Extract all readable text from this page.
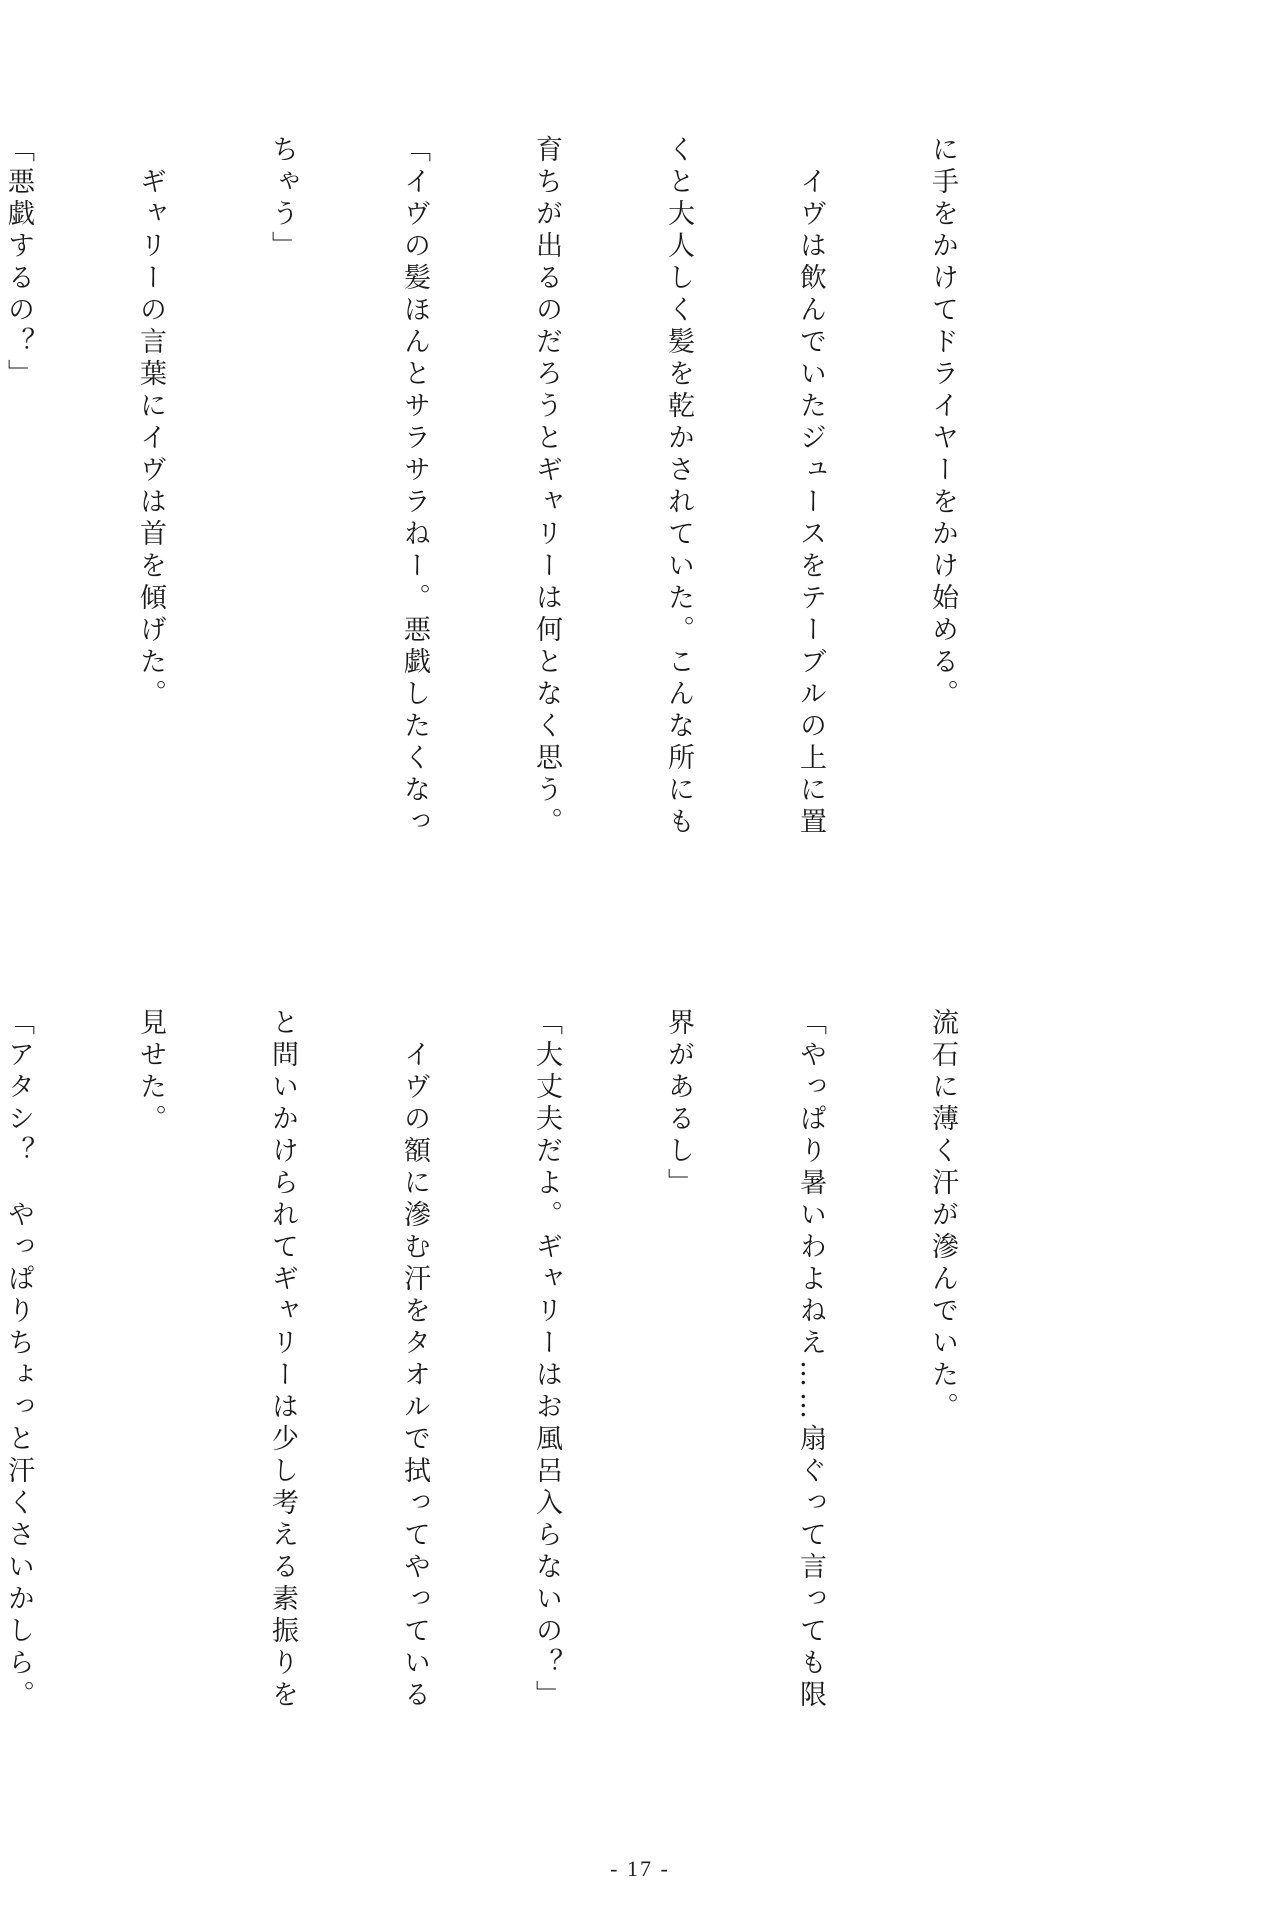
に手をかけてドライヤーをかけ始める。

　イヴは飲んでいたジュースをテーブルの上に置

くと大人しく髪を乾かされていた。こんな所にも

育ちが出るのだろうとギャリーは何となく思う。

「イヴの髪ほんとサラサラねー。悪戯したくなっ

ちゃう」

　ギャリーの言葉にイヴは首を傾げた。

「悪戯するの？」

流石に薄く汗が滲んでいた。

「やっぱり暑いわよねえ……扇ぐって言っても限

界があるし」

「大丈夫だよ。ギャリーはお風呂入らないの？」

　イヴの額に滲む汗をタオルで拭ってやっている

と問いかけられてギャリーは少し考える素振りを

見せた。

「アタシ？　やっぱりちょっと汗くさいかしら。

- 17 -
